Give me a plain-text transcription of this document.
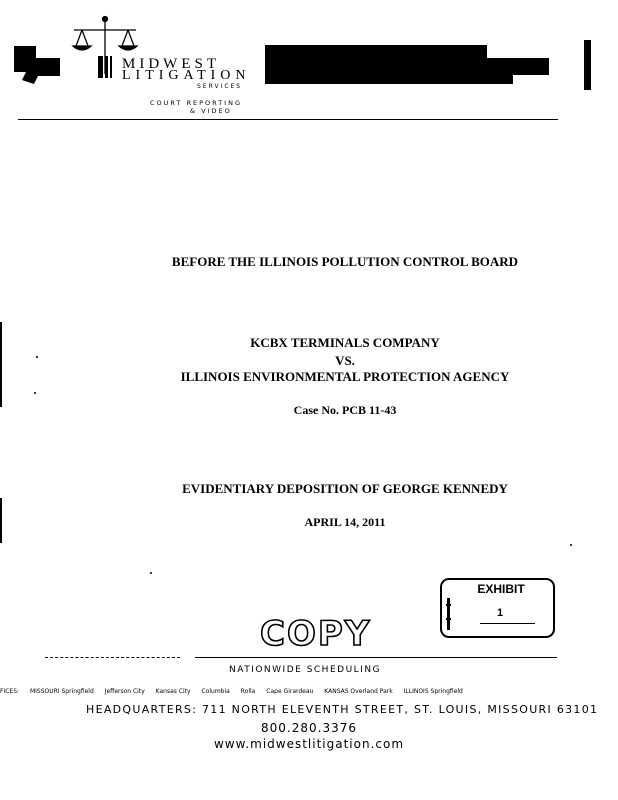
MIDWEST
LITIGATION
SERVICES
COURT REPORTING
& VIDEO
BEFORE THE ILLINOIS POLLUTION CONTROL BOARD
KCBX TERMINALS COMPANY
VS.
ILLINOIS ENVIRONMENTAL PROTECTION AGENCY
Case No. PCB 11-43
EVIDENTIARY DEPOSITION OF GEORGE KENNEDY
APRIL 14, 2011
EXHIBIT
1
COPY
NATIONWIDE SCHEDULING
FICES: MISSOURI Springfield Jefferson City Kansas City Columbia Rolla Cape Girardeau KANSAS Overland Park ILLINOIS Springfield
HEADQUARTERS: 711 NORTH ELEVENTH STREET, ST. LOUIS, MISSOURI 63101
800.280.3376
www.midwestlitigation.com
